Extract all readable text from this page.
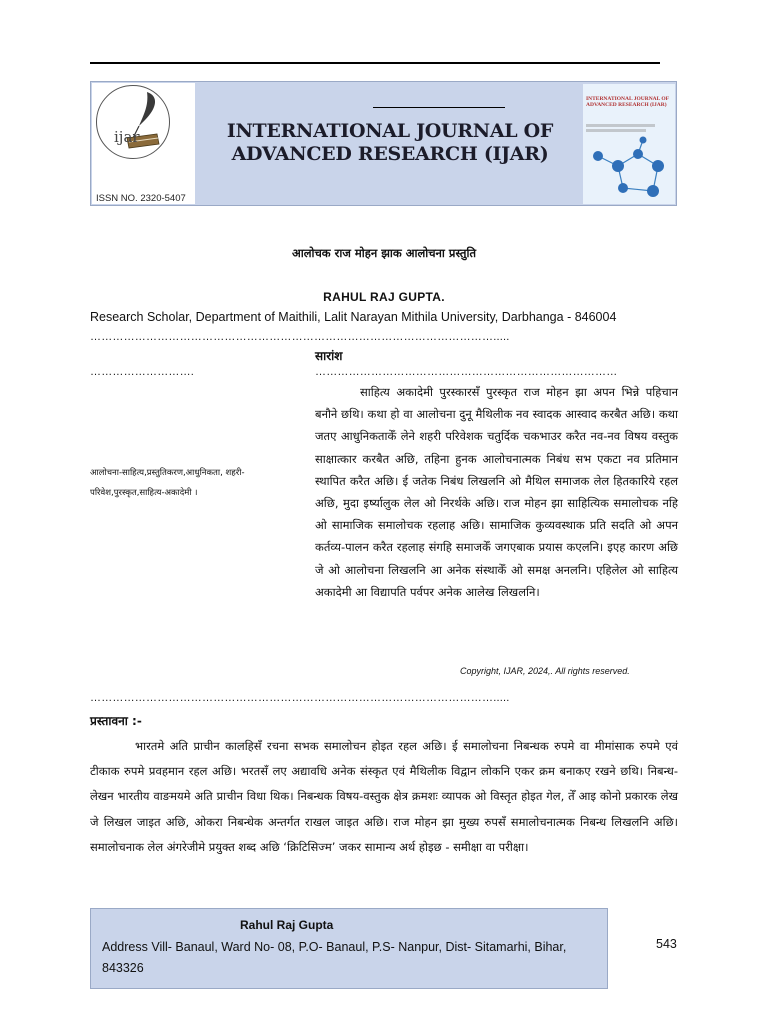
ijar
ISSN NO. 2320-5407
INTERNATIONAL JOURNAL OF
ADVANCED RESEARCH (IJAR)
INTERNATIONAL JOURNAL OF ADVANCED RESEARCH (IJAR)
आलोचक राज मोहन झाक आलोचना प्रस्तुति
RAHUL RAJ GUPTA.
Research Scholar, Department of Maithili, Lalit Narayan Mithila University, Darbhanga - 846004
……………………………………………………………………………………………….....
सारांश
……………………….	………………………………………………………………………
आलोचना-साहित्य,प्रस्तुतिकरण,आधुनिकता, शहरी-परिवेश,पुरस्कृत,साहित्य-अकादेमी ।
साहित्य अकादेमी पुरस्कारसँ पुरस्कृत राज मोहन झा अपन भिन्ने पहिचान बनौने छथि। कथा हो वा आलोचना दुनू मैथिलीक नव स्वादक आस्वाद करबैत अछि। कथा जतए आधुनिकताकेँ लेने शहरी परिवेशक चतुर्दिक चकभाउर करैत नव-नव विषय वस्तुक साक्षात्कार करबैत अछि, तहिना हुनक आलोचनात्मक निबंध सभ एकटा नव प्रतिमान स्थापित करैत अछि। ई जतेक निबंध लिखलनि ओ मैथिल समाजक लेल हितकारिये रहल अछि, मुदा इर्ष्यालुक लेल ओ निरर्थके अछि। राज मोहन झा साहित्यिक समालोचक नहि ओ सामाजिक समालोचक रहलाह अछि। सामाजिक कुव्यवस्थाक प्रति सदति ओ अपन कर्तव्य-पालन करैत रहलाह संगहि समाजकेँ जगएबाक प्रयास कएलनि। इएह कारण अछि जे ओ आलोचना लिखलनि आ अनेक संस्थाकेँ ओ समक्ष अनलनि। एहिलेल ओ साहित्य अकादेमी आ विद्यापति पर्वपर अनेक आलेख लिखलनि।
Copyright, IJAR, 2024,. All rights reserved.
……………………………………………………………………………………………….....
प्रस्तावना :-
भारतमे अति प्राचीन कालहिसँ रचना सभक समालोचन होइत रहल अछि। ई समालोचना निबन्धक रुपमे वा मीमांसाक रुपमे एवं टीकाक रुपमे प्रवहमान रहल अछि। भरतसँ लए अद्यावधि अनेक संस्कृत एवं मैथिलीक विद्वान लोकनि एकर क्रम बनाकए रखने छथि। निबन्ध-लेखन भारतीय वाङमयमे अति प्राचीन विधा थिक। निबन्धक विषय-वस्तुक क्षेत्र क्रमशः व्यापक ओ विस्तृत होइत गेल, तेँ आइ कोनो प्रकारक लेख जे लिखल जाइत अछि, ओकरा निबन्धेक अन्तर्गत राखल जाइत अछि। राज मोहन झा मुख्य रुपसँ समालोचनात्मक निबन्ध लिखलनि अछि। समालोचनाक लेल अंगरेजीमे प्रयुक्त शब्द अछि ‘क्रिटिसिज्म’ जकर सामान्य अर्थ होइछ - समीक्षा वा परीक्षा।
Rahul Raj Gupta
Address Vill- Banaul, Ward No- 08, P.O- Banaul, P.S- Nanpur, Dist- Sitamarhi, Bihar, 843326
543
